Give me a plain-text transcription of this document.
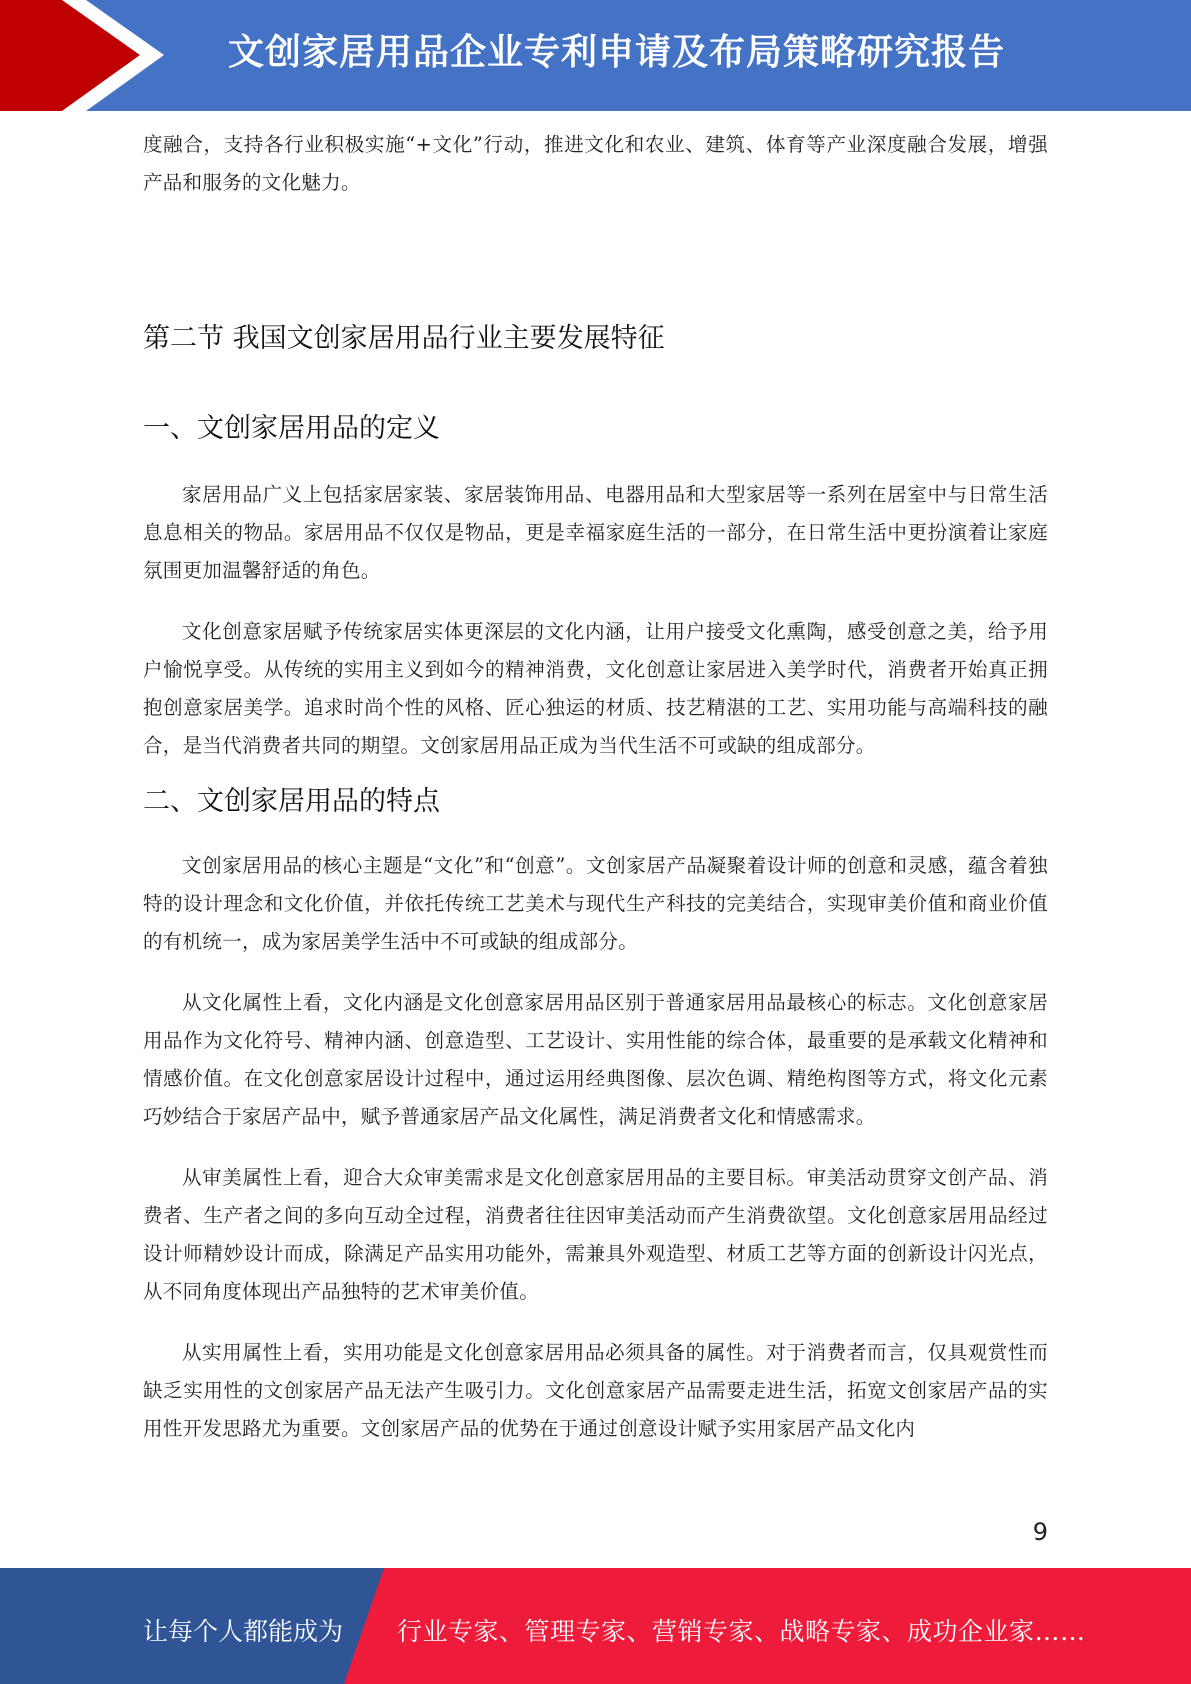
文创家居用品企业专利申请及布局策略研究报告

度融合，支持各行业积极实施“+文化”行动，推进文化和农业、建筑、体育等产业深度融合发展，增强产品和服务的文化魅力。

第二节 我国文创家居用品行业主要发展特征
一、文创家居用品的定义

家居用品广义上包括家居家装、家居装饰用品、电器用品和大型家居等一系列在居室中与日常生活息息相关的物品。家居用品不仅仅是物品，更是幸福家庭生活的一部分，在日常生活中更扮演着让家庭氛围更加温馨舒适的角色。

文化创意家居赋予传统家居实体更深层的文化内涵，让用户接受文化熏陶，感受创意之美，给予用户愉悦享受。从传统的实用主义到如今的精神消费，文化创意让家居进入美学时代，消费者开始真正拥抱创意家居美学。追求时尚个性的风格、匠心独运的材质、技艺精湛的工艺、实用功能与高端科技的融合，是当代消费者共同的期望。文创家居用品正成为当代生活不可或缺的组成部分。

二、文创家居用品的特点

文创家居用品的核心主题是“文化”和“创意”。文创家居产品凝聚着设计师的创意和灵感，蕴含着独特的设计理念和文化价值，并依托传统工艺美术与现代生产科技的完美结合，实现审美价值和商业价值的有机统一，成为家居美学生活中不可或缺的组成部分。

从文化属性上看，文化内涵是文化创意家居用品区别于普通家居用品最核心的标志。文化创意家居用品作为文化符号、精神内涵、创意造型、工艺设计、实用性能的综合体，最重要的是承载文化精神和情感价值。在文化创意家居设计过程中，通过运用经典图像、层次色调、精绝构图等方式，将文化元素巧妙结合于家居产品中，赋予普通家居产品文化属性，满足消费者文化和情感需求。

从审美属性上看，迎合大众审美需求是文化创意家居用品的主要目标。审美活动贯穿文创产品、消费者、生产者之间的多向互动全过程，消费者往往因审美活动而产生消费欲望。文化创意家居用品经过设计师精妙设计而成，除满足产品实用功能外，需兼具外观造型、材质工艺等方面的创新设计闪光点，从不同角度体现出产品独特的艺术审美价值。

从实用属性上看，实用功能是文化创意家居用品必须具备的属性。对于消费者而言，仅具观赏性而缺乏实用性的文创家居产品无法产生吸引力。文化创意家居产品需要走进生活，拓宽文创家居产品的实用性开发思路尤为重要。文创家居产品的优势在于通过创意设计赋予实用家居产品文化内

9
让每个人都能成为 行业专家、管理专家、营销专家、战略专家、成功企业家……
